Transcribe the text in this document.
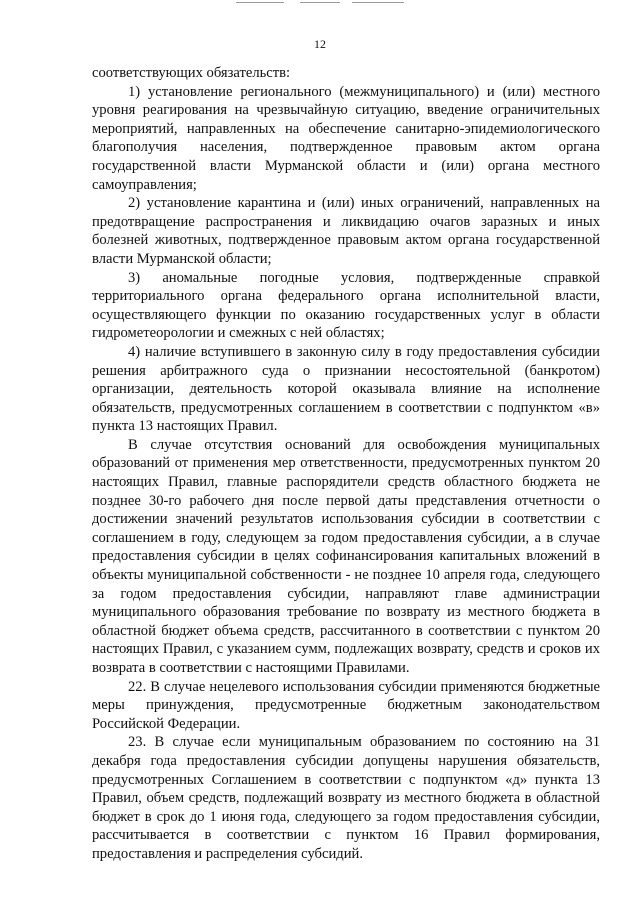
12

соответствующих обязательств:

1) установление регионального (межмуниципального) и (или) местного уровня реагирования на чрезвычайную ситуацию, введение ограничительных мероприятий, направленных на обеспечение санитарно-эпидемиологического благополучия населения, подтвержденное правовым актом органа государственной власти Мурманской области и (или) органа местного самоуправления;

2) установление карантина и (или) иных ограничений, направленных на предотвращение распространения и ликвидацию очагов заразных и иных болезней животных, подтвержденное правовым актом органа государственной власти Мурманской области;

3) аномальные погодные условия, подтвержденные справкой территориального органа федерального органа исполнительной власти, осуществляющего функции по оказанию государственных услуг в области гидрометеорологии и смежных с ней областях;

4) наличие вступившего в законную силу в году предоставления субсидии решения арбитражного суда о признании несостоятельной (банкротом) организации, деятельность которой оказывала влияние на исполнение обязательств, предусмотренных соглашением в соответствии с подпунктом «в» пункта 13 настоящих Правил.

В случае отсутствия оснований для освобождения муниципальных образований от применения мер ответственности, предусмотренных пунктом 20 настоящих Правил, главные распорядители средств областного бюджета не позднее 30-го рабочего дня после первой даты представления отчетности о достижении значений результатов использования субсидии в соответствии с соглашением в году, следующем за годом предоставления субсидии, а в случае предоставления субсидии в целях софинансирования капитальных вложений в объекты муниципальной собственности - не позднее 10 апреля года, следующего за годом предоставления субсидии, направляют главе администрации муниципального образования требование по возврату из местного бюджета в областной бюджет объема средств, рассчитанного в соответствии с пунктом 20 настоящих Правил, с указанием сумм, подлежащих возврату, средств и сроков их возврата в соответствии с настоящими Правилами.

22. В случае нецелевого использования субсидии применяются бюджетные меры принуждения, предусмотренные бюджетным законодательством Российской Федерации.

23. В случае если муниципальным образованием по состоянию на 31 декабря года предоставления субсидии допущены нарушения обязательств, предусмотренных Соглашением в соответствии с подпунктом «д» пункта 13 Правил, объем средств, подлежащий возврату из местного бюджета в областной бюджет в срок до 1 июня года, следующего за годом предоставления субсидии, рассчитывается в соответствии с пунктом 16 Правил формирования, предоставления и распределения субсидий.
